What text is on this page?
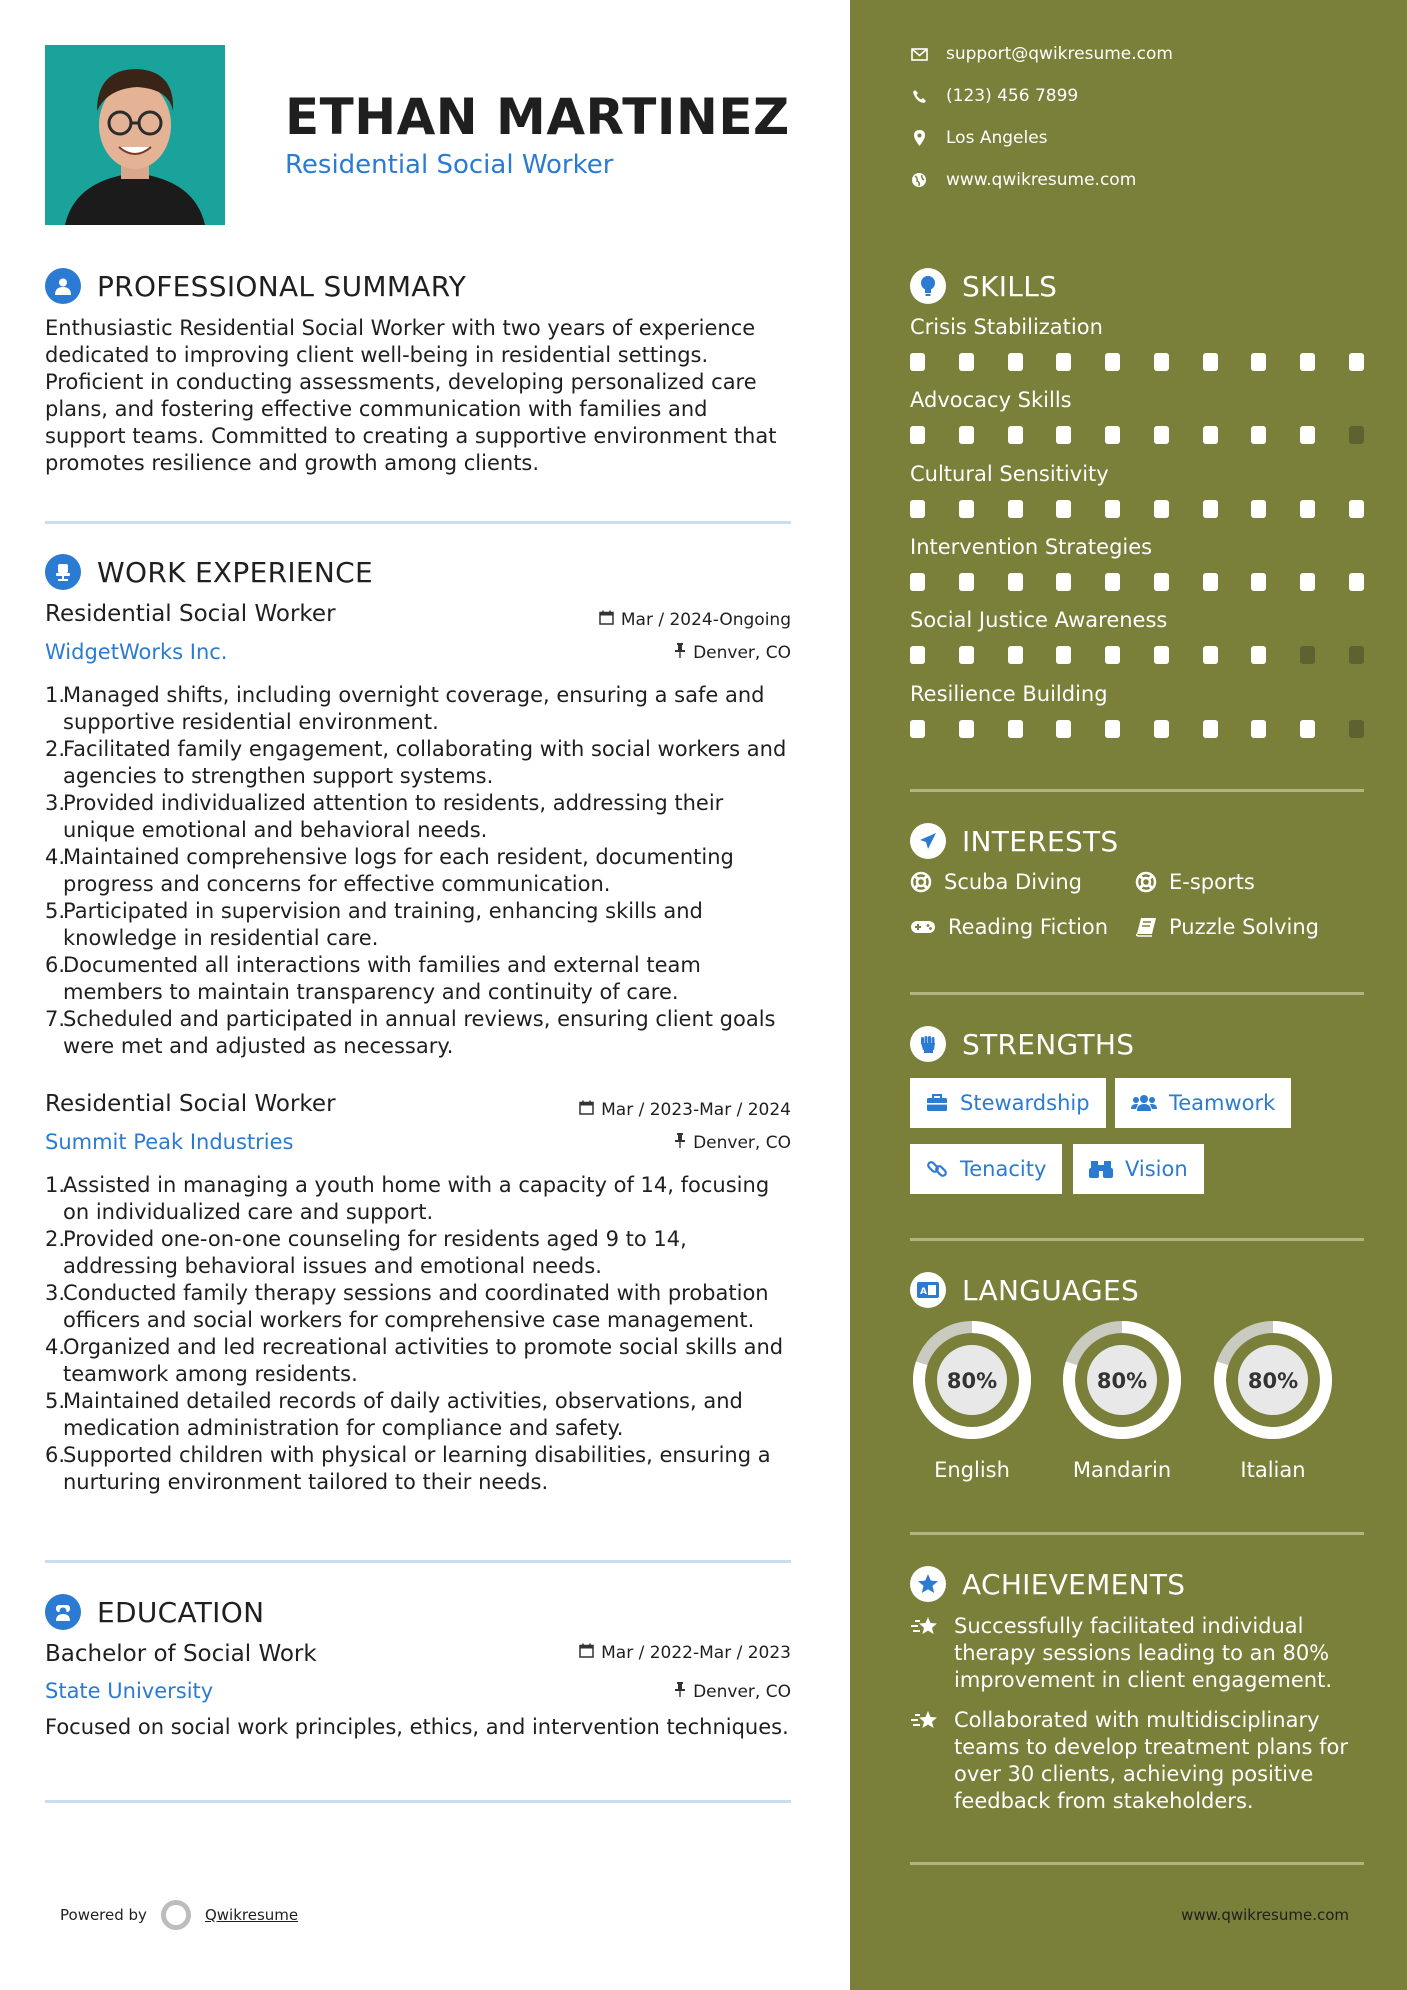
ETHAN MARTINEZ
Residential Social Worker
PROFESSIONAL SUMMARY
Enthusiastic Residential Social Worker with two years of experience dedicated to improving client well-being in residential settings. Proficient in conducting assessments, developing personalized care plans, and fostering effective communication with families and support teams. Committed to creating a supportive environment that promotes resilience and growth among clients.
WORK EXPERIENCE
Residential Social Worker	Mar / 2024-Ongoing
WidgetWorks Inc.	Denver, CO
Managed shifts, including overnight coverage, ensuring a safe and supportive residential environment.
Facilitated family engagement, collaborating with social workers and agencies to strengthen support systems.
Provided individualized attention to residents, addressing their unique emotional and behavioral needs.
Maintained comprehensive logs for each resident, documenting progress and concerns for effective communication.
Participated in supervision and training, enhancing skills and knowledge in residential care.
Documented all interactions with families and external team members to maintain transparency and continuity of care.
Scheduled and participated in annual reviews, ensuring client goals were met and adjusted as necessary.
Residential Social Worker	Mar / 2023-Mar / 2024
Summit Peak Industries	Denver, CO
Assisted in managing a youth home with a capacity of 14, focusing on individualized care and support.
Provided one-on-one counseling for residents aged 9 to 14, addressing behavioral issues and emotional needs.
Conducted family therapy sessions and coordinated with probation officers and social workers for comprehensive case management.
Organized and led recreational activities to promote social skills and teamwork among residents.
Maintained detailed records of daily activities, observations, and medication administration for compliance and safety.
Supported children with physical or learning disabilities, ensuring a nurturing environment tailored to their needs.
EDUCATION
Bachelor of Social Work	Mar / 2022-Mar / 2023
State University	Denver, CO
Focused on social work principles, ethics, and intervention techniques.
Powered by	Qwikresume
support@qwikresume.com
(123) 456 7899
Los Angeles
www.qwikresume.com
SKILLS
Crisis Stabilization
Advocacy Skills
Cultural Sensitivity
Intervention Strategies
Social Justice Awareness
Resilience Building
INTERESTS
Scuba Diving	E-sports
Reading Fiction	Puzzle Solving
STRENGTHS
Stewardship	Teamwork
Tenacity	Vision
A LANGUAGES
80%
English
80%
Mandarin
80%
Italian
ACHIEVEMENTS
Successfully facilitated individual therapy sessions leading to an 80% improvement in client engagement.
Collaborated with multidisciplinary teams to develop treatment plans for over 30 clients, achieving positive feedback from stakeholders.
www.qwikresume.com
